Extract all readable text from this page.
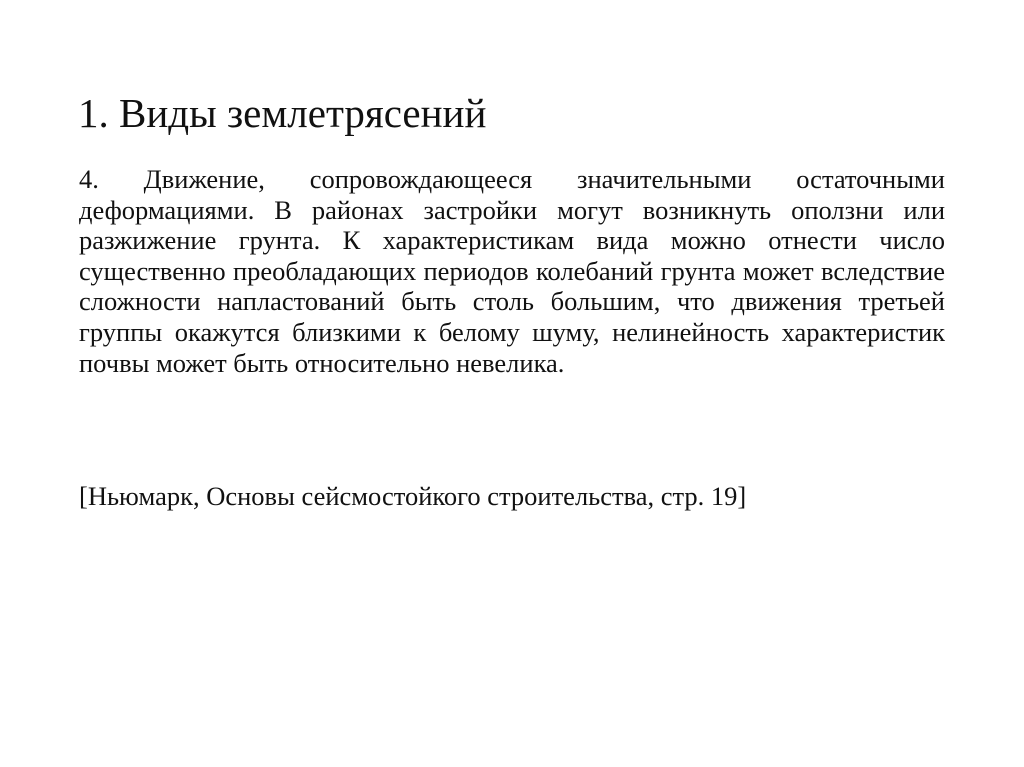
1. Виды землетрясений

4. Движение, сопровождающееся значительными остаточными деформациями. В районах застройки могут возникнуть оползни или разжижение грунта. К характеристикам вида можно отнести число существенно преобладающих периодов колебаний грунта может вследствие сложности напластований быть столь большим, что движения третьей группы окажутся близкими к белому шуму, нелинейность характеристик почвы может быть относительно невелика.

[Ньюмарк, Основы сейсмостойкого строительства, стр. 19]
